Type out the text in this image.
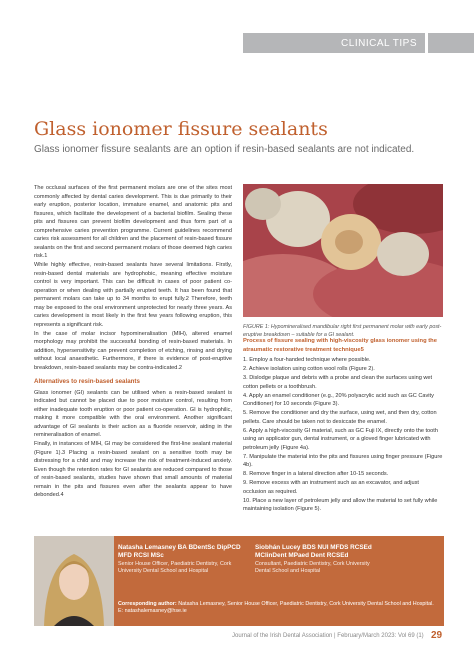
CLINICAL TIPS
Glass ionomer fissure sealants

Glass ionomer fissure sealants are an option if resin-based sealants are not indicated.

The occlusal surfaces of the first permanent molars are one of the sites most commonly affected by dental caries development. This is due primarily to their early eruption, posterior location, immature enamel, and anatomic pits and fissures, which facilitate the development of a bacterial biofilm. Sealing these pits and fissures can prevent biofilm development and thus form part of a comprehensive caries prevention programme. Current guidelines recommend caries risk assessment for all children and the placement of resin-based fissure sealants on the first and second permanent molars of those deemed high caries risk.1

While highly effective, resin-based sealants have several limitations. Firstly, resin-based dental materials are hydrophobic, meaning effective moisture control is very important. This can be difficult in cases of poor patient co-operation or when dealing with partially erupted teeth. It has been found that permanent molars can take up to 34 months to erupt fully.2 Therefore, teeth may be exposed to the oral environment unprotected for nearly three years. As caries development is most likely in the first few years following eruption, this represents a significant risk.

In the case of molar incisor hypomineralisation (MIH), altered enamel morphology may prohibit the successful bonding of resin-based materials. In addition, hypersensitivity can prevent completion of etching, rinsing and drying without local anaesthetic. Furthermore, if there is evidence of post-eruptive breakdown, resin-based sealants may be contra-indicated.2

Alternatives to resin-based sealants

Glass ionomer (GI) sealants can be utilised when a resin-based sealant is indicated but cannot be placed due to poor moisture control, resulting from either inadequate tooth eruption or poor patient co-operation. GI is hydrophilic, making it more compatible with the oral environment. Another significant advantage of GI sealants is their action as a fluoride reservoir, aiding in the remineralisation of enamel.

Finally, in instances of MIH, GI may be considered the first-line sealant material (Figure 1).3 Placing a resin-based sealant on a sensitive tooth may be distressing for a child and may increase the risk of treatment-induced anxiety. Even though the retention rates for GI sealants are reduced compared to those of resin-based sealants, studies have shown that small amounts of material remain in the pits and fissures even after the sealants appear to have debonded.4

FIGURE 1: Hypomineralised mandibular right first permanent molar with early post-eruptive breakdown – suitable for a GI sealant.

Process of fissure sealing with high-viscosity glass ionomer using the atraumatic restorative treatment technique5

1. Employ a four-handed technique where possible.

2. Achieve isolation using cotton wool rolls (Figure 2).

3. Dislodge plaque and debris with a probe and clean the surfaces using wet cotton pellets or a toothbrush.

4. Apply an enamel conditioner (e.g., 20% polyacrylic acid such as GC Cavity Conditioner) for 10 seconds (Figure 3).

5. Remove the conditioner and dry the surface, using wet, and then dry, cotton pellets. Care should be taken not to desiccate the enamel.

6. Apply a high-viscosity GI material, such as GC Fuji IX, directly onto the tooth using an applicator gun, dental instrument, or a gloved finger lubricated with petroleum jelly (Figure 4a).

7. Manipulate the material into the pits and fissures using finger pressure (Figure 4b).

8. Remove finger in a lateral direction after 10-15 seconds.

9. Remove excess with an instrument such as an excavator, and adjust occlusion as required.

10. Place a new layer of petroleum jelly and allow the material to set fully while maintaining isolation (Figure 5).

Natasha Lemasney BA BDentSc DipPCD MFD RCSI MSc

Senior House Officer, Paediatric Dentistry, Cork University Dental School and Hospital

Siobhán Lucey BDS NUI MFDS RCSEd MClinDent MPaed Dent RCSEd

Consultant, Paediatric Dentistry, Cork University Dental School and Hospital

Corresponding author: Natasha Lemasney, Senior House Officer, Paediatric Dentistry, Cork University Dental School and Hospital. E: natashalemasney@hse.ie
Journal of the Irish Dental Association | February/March 2023: Vol 69 (1) 29
